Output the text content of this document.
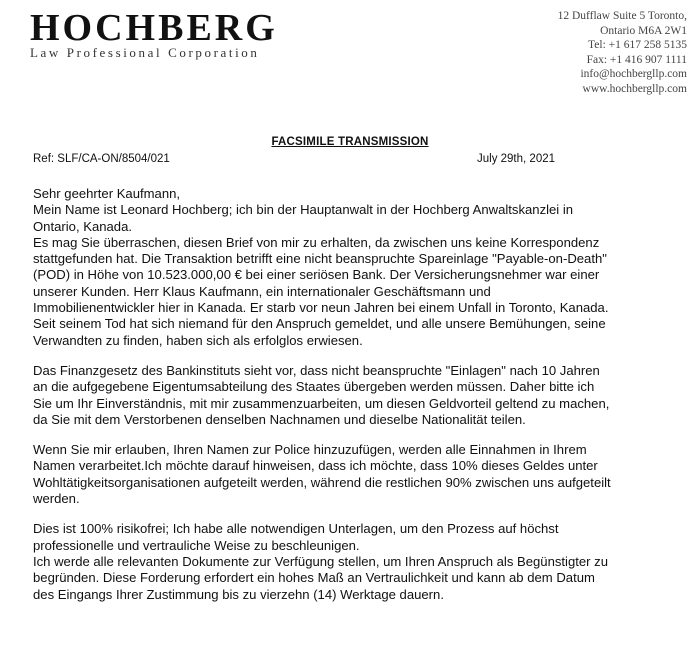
HOCHBERG
Law Professional Corporation
12 Dufflaw Suite 5 Toronto,
Ontario M6A 2W1
Tel: +1 617 258 5135
Fax: +1 416 907 1111
info@hochbergllp.com
www.hochbergllp.com
FACSIMILE TRANSMISSION
Ref: SLF/CA-ON/8504/021	July 29th, 2021
Sehr geehrter Kaufmann,
Mein Name ist Leonard Hochberg; ich bin der Hauptanwalt in der Hochberg Anwaltskanzlei in
Ontario, Kanada.
Es mag Sie überraschen, diesen Brief von mir zu erhalten, da zwischen uns keine Korrespondenz
stattgefunden hat. Die Transaktion betrifft eine nicht beanspruchte Spareinlage "Payable-on-Death"
(POD) in Höhe von 10.523.000,00 € bei einer seriösen Bank. Der Versicherungsnehmer war einer
unserer Kunden. Herr Klaus Kaufmann, ein internationaler Geschäftsmann und
Immobilienentwickler hier in Kanada. Er starb vor neun Jahren bei einem Unfall in Toronto, Kanada.
Seit seinem Tod hat sich niemand für den Anspruch gemeldet, und alle unsere Bemühungen, seine
Verwandten zu finden, haben sich als erfolglos erwiesen.
Das Finanzgesetz des Bankinstituts sieht vor, dass nicht beanspruchte "Einlagen" nach 10 Jahren
an die aufgegebene Eigentumsabteilung des Staates übergeben werden müssen. Daher bitte ich
Sie um Ihr Einverständnis, mit mir zusammenzuarbeiten, um diesen Geldvorteil geltend zu machen,
da Sie mit dem Verstorbenen denselben Nachnamen und dieselbe Nationalität teilen.
Wenn Sie mir erlauben, Ihren Namen zur Police hinzuzufügen, werden alle Einnahmen in Ihrem
Namen verarbeitet.Ich möchte darauf hinweisen, dass ich möchte, dass 10% dieses Geldes unter
Wohltätigkeitsorganisationen aufgeteilt werden, während die restlichen 90% zwischen uns aufgeteilt
werden.
Dies ist 100% risikofrei; Ich habe alle notwendigen Unterlagen, um den Prozess auf höchst
professionelle und vertrauliche Weise zu beschleunigen.
Ich werde alle relevanten Dokumente zur Verfügung stellen, um Ihren Anspruch als Begünstigter zu
begründen. Diese Forderung erfordert ein hohes Maß an Vertraulichkeit und kann ab dem Datum
des Eingangs Ihrer Zustimmung bis zu vierzehn (14) Werktage dauern.
